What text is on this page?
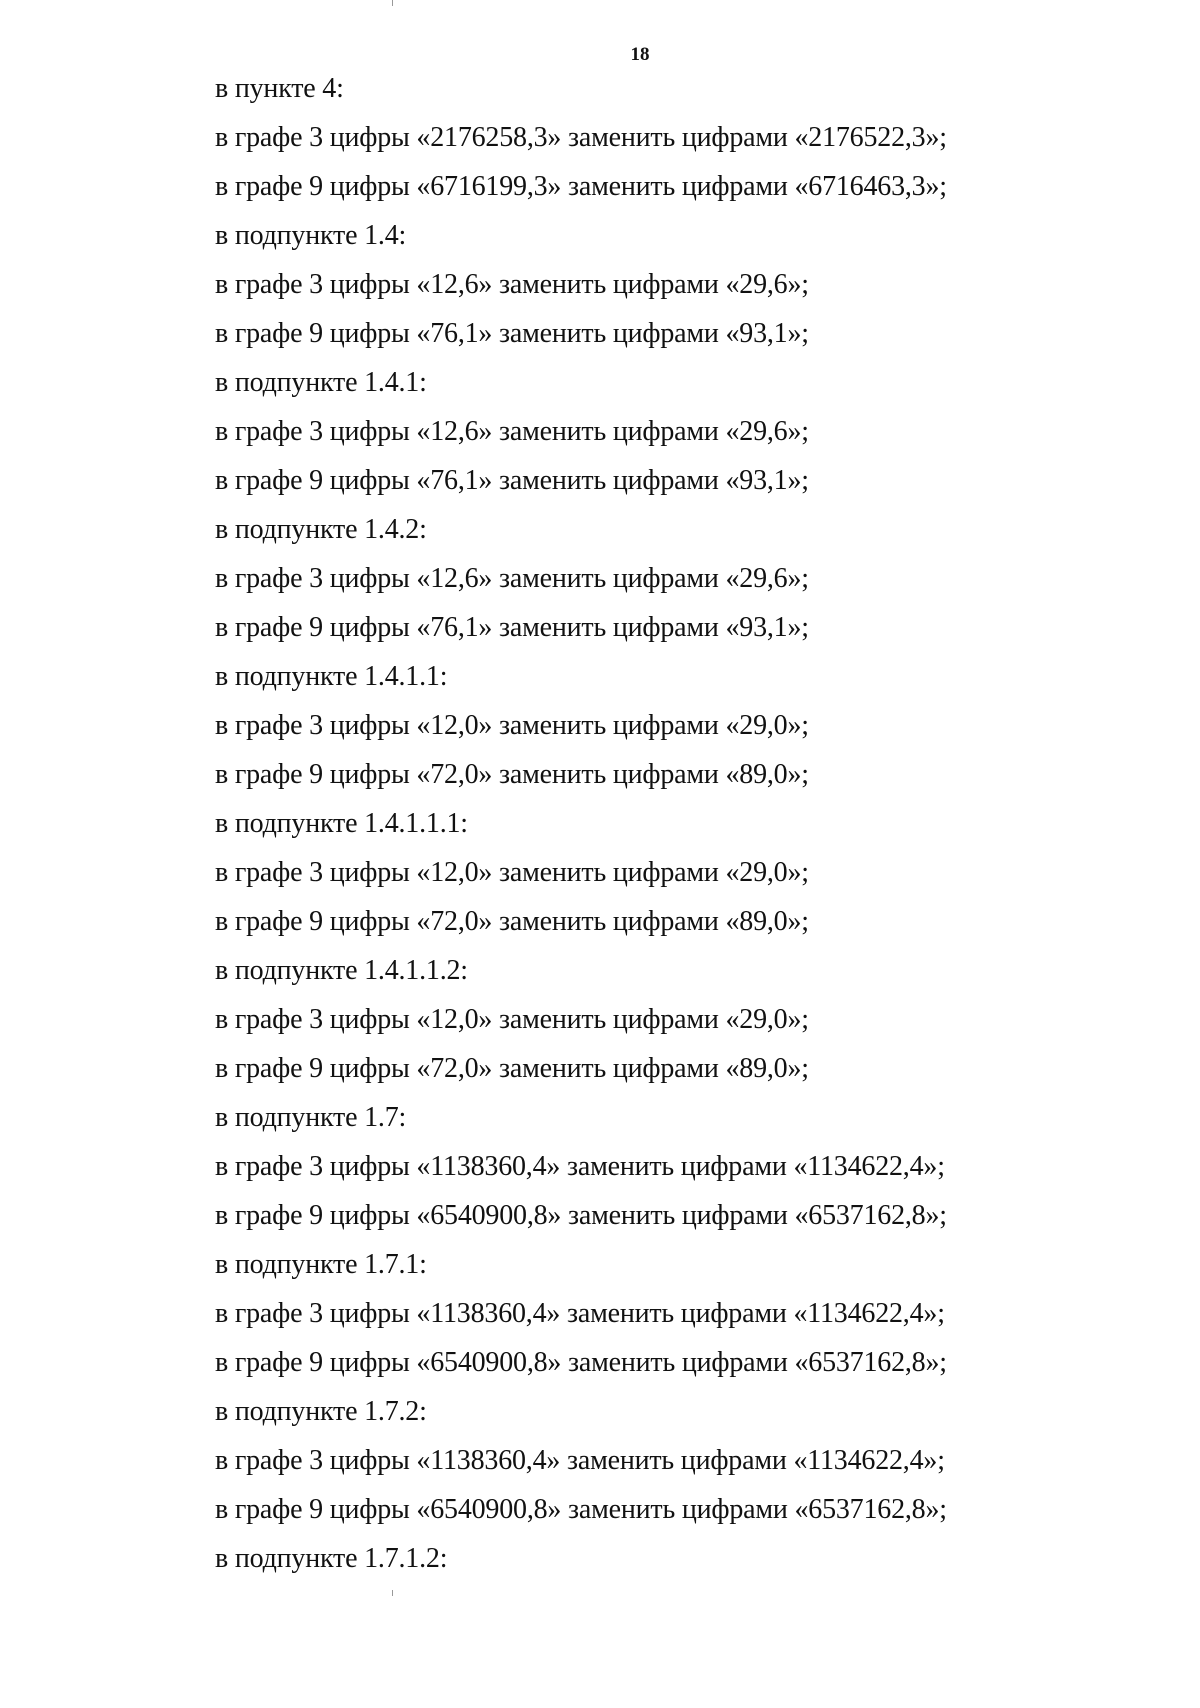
18
в пункте 4:
в графе 3 цифры «2176258,3» заменить цифрами «2176522,3»;
в графе 9 цифры «6716199,3» заменить цифрами «6716463,3»;
в подпункте 1.4:
в графе 3 цифры «12,6» заменить цифрами «29,6»;
в графе 9 цифры «76,1» заменить цифрами «93,1»;
в подпункте 1.4.1:
в графе 3 цифры «12,6» заменить цифрами «29,6»;
в графе 9 цифры «76,1» заменить цифрами «93,1»;
в подпункте 1.4.2:
в графе 3 цифры «12,6» заменить цифрами «29,6»;
в графе 9 цифры «76,1» заменить цифрами «93,1»;
в подпункте 1.4.1.1:
в графе 3 цифры «12,0» заменить цифрами «29,0»;
в графе 9 цифры «72,0» заменить цифрами «89,0»;
в подпункте 1.4.1.1.1:
в графе 3 цифры «12,0» заменить цифрами «29,0»;
в графе 9 цифры «72,0» заменить цифрами «89,0»;
в подпункте 1.4.1.1.2:
в графе 3 цифры «12,0» заменить цифрами «29,0»;
в графе 9 цифры «72,0» заменить цифрами «89,0»;
в подпункте 1.7:
в графе 3 цифры «1138360,4» заменить цифрами «1134622,4»;
в графе 9 цифры «6540900,8» заменить цифрами «6537162,8»;
в подпункте 1.7.1:
в графе 3 цифры «1138360,4» заменить цифрами «1134622,4»;
в графе 9 цифры «6540900,8» заменить цифрами «6537162,8»;
в подпункте 1.7.2:
в графе 3 цифры «1138360,4» заменить цифрами «1134622,4»;
в графе 9 цифры «6540900,8» заменить цифрами «6537162,8»;
в подпункте 1.7.1.2:
